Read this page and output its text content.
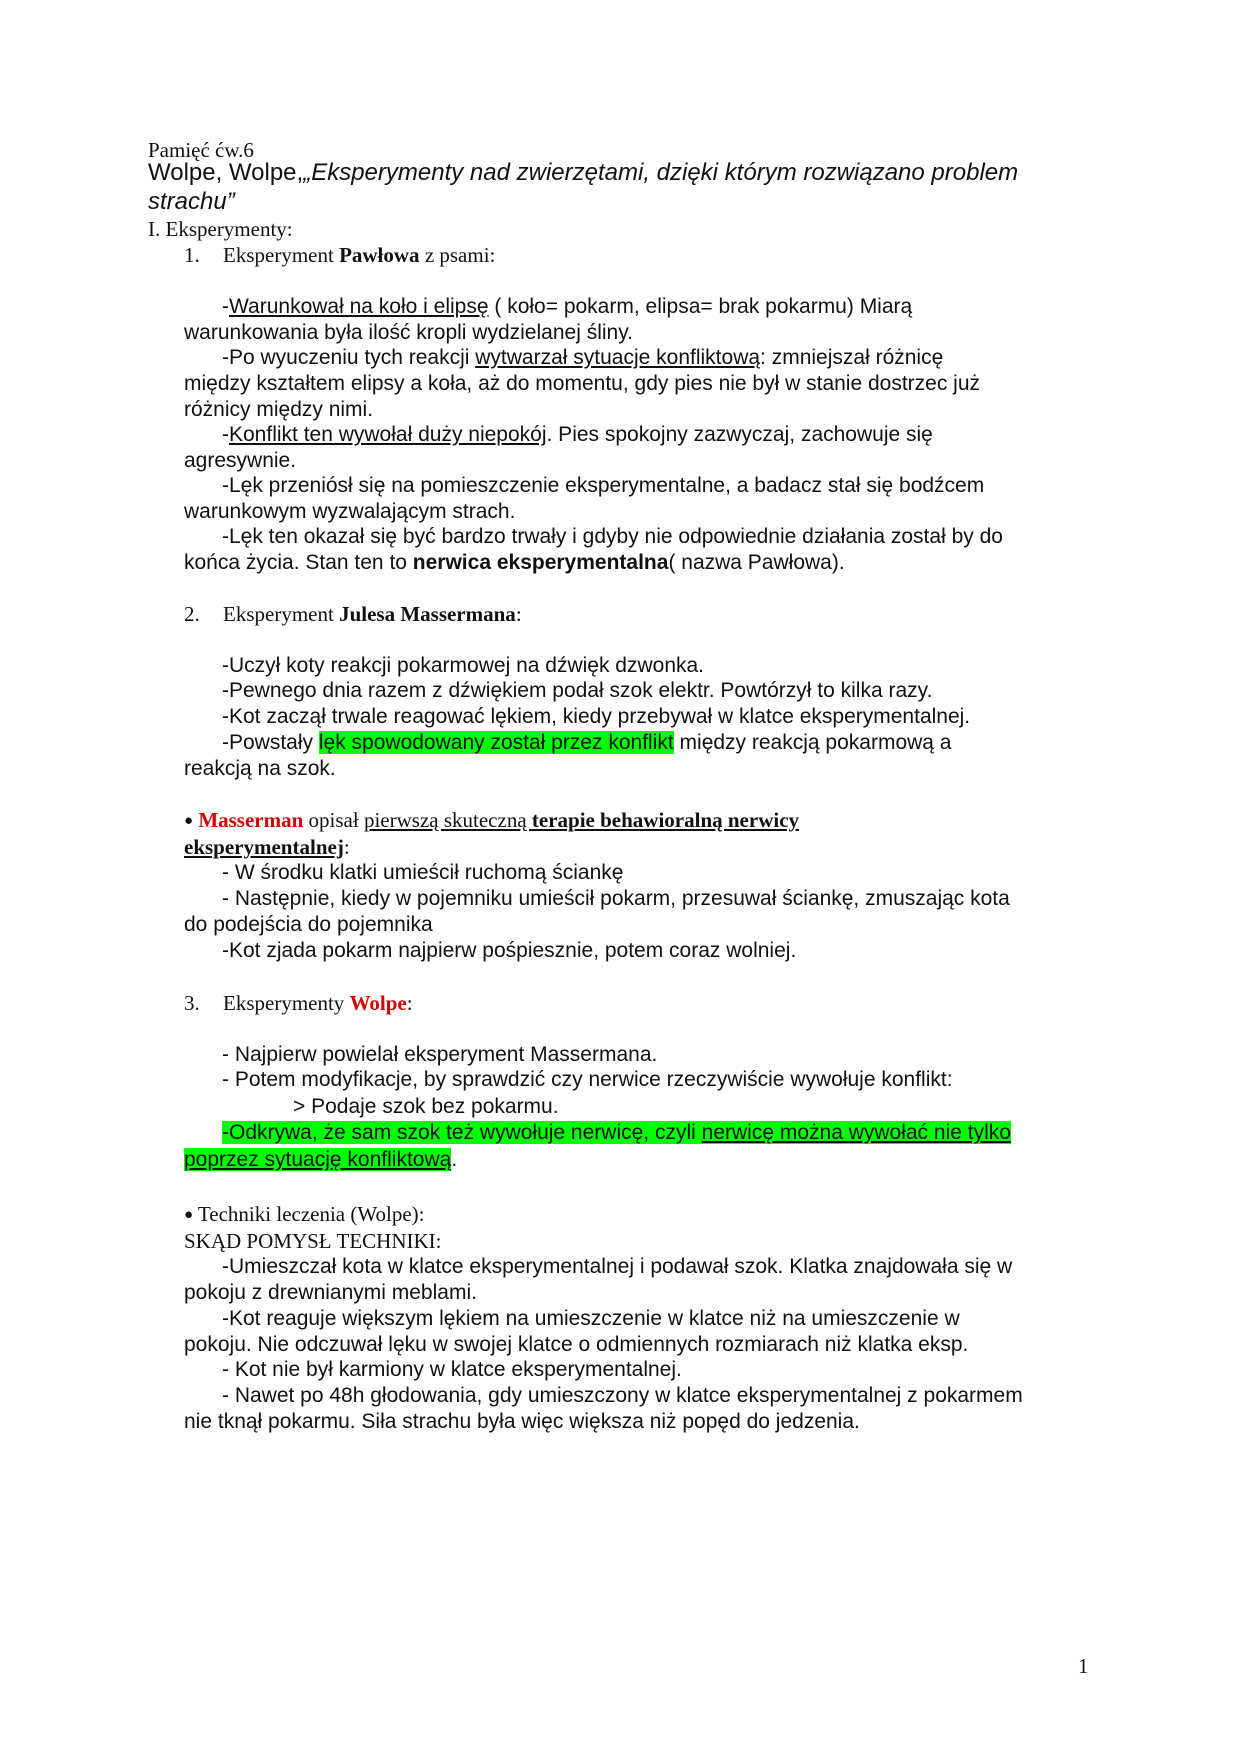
Pamięć ćw.6
Wolpe, Wolpe,„Eksperymenty nad zwierzętami, dzięki którym rozwiązano problem
strachu”
I. Eksperymenty:
1. Eksperyment Pawłowa z psami:
-Warunkował na koło i elipsę ( koło= pokarm, elipsa= brak pokarmu) Miarą
warunkowania była ilość kropli wydzielanej śliny.
-Po wyuczeniu tych reakcji wytwarzał sytuacje konfliktową: zmniejszał różnicę
między kształtem elipsy a koła, aż do momentu, gdy pies nie był w stanie dostrzec już
różnicy między nimi.
-Konflikt ten wywołał duży niepokój. Pies spokojny zazwyczaj, zachowuje się
agresywnie.
-Lęk przeniósł się na pomieszczenie eksperymentalne, a badacz stał się bodźcem
warunkowym wyzwalającym strach.
-Lęk ten okazał się być bardzo trwały i gdyby nie odpowiednie działania został by do
końca życia. Stan ten to nerwica eksperymentalna( nazwa Pawłowa).
2. Eksperyment Julesa Massermana:
-Uczył koty reakcji pokarmowej na dźwięk dzwonka.
-Pewnego dnia razem z dźwiękiem podał szok elektr. Powtórzył to kilka razy.
-Kot zaczął trwale reagować lękiem, kiedy przebywał w klatce eksperymentalnej.
-Powstały lęk spowodowany został przez konflikt między reakcją pokarmową a
reakcją na szok.
● Masserman opisał pierwszą skuteczną terapie behawioralną nerwicy
eksperymentalnej:
- W środku klatki umieścił ruchomą ściankę
- Następnie, kiedy w pojemniku umieścił pokarm, przesuwał ściankę, zmuszając kota
do podejścia do pojemnika
-Kot zjada pokarm najpierw pośpiesznie, potem coraz wolniej.
3. Eksperymenty Wolpe:
- Najpierw powielał eksperyment Massermana.
- Potem modyfikacje, by sprawdzić czy nerwice rzeczywiście wywołuje konflikt:
> Podaje szok bez pokarmu.
-Odkrywa, że sam szok też wywołuje nerwicę, czyli nerwicę można wywołać nie tylko
poprzez sytuację konfliktową.
● Techniki leczenia (Wolpe):
SKĄD POMYSŁ TECHNIKI:
-Umieszczał kota w klatce eksperymentalnej i podawał szok. Klatka znajdowała się w
pokoju z drewnianymi meblami.
-Kot reaguje większym lękiem na umieszczenie w klatce niż na umieszczenie w
pokoju. Nie odczuwał lęku w swojej klatce o odmiennych rozmiarach niż klatka eksp.
- Kot nie był karmiony w klatce eksperymentalnej.
- Nawet po 48h głodowania, gdy umieszczony w klatce eksperymentalnej z pokarmem
nie tknął pokarmu. Siła strachu była więc większa niż popęd do jedzenia.
1
